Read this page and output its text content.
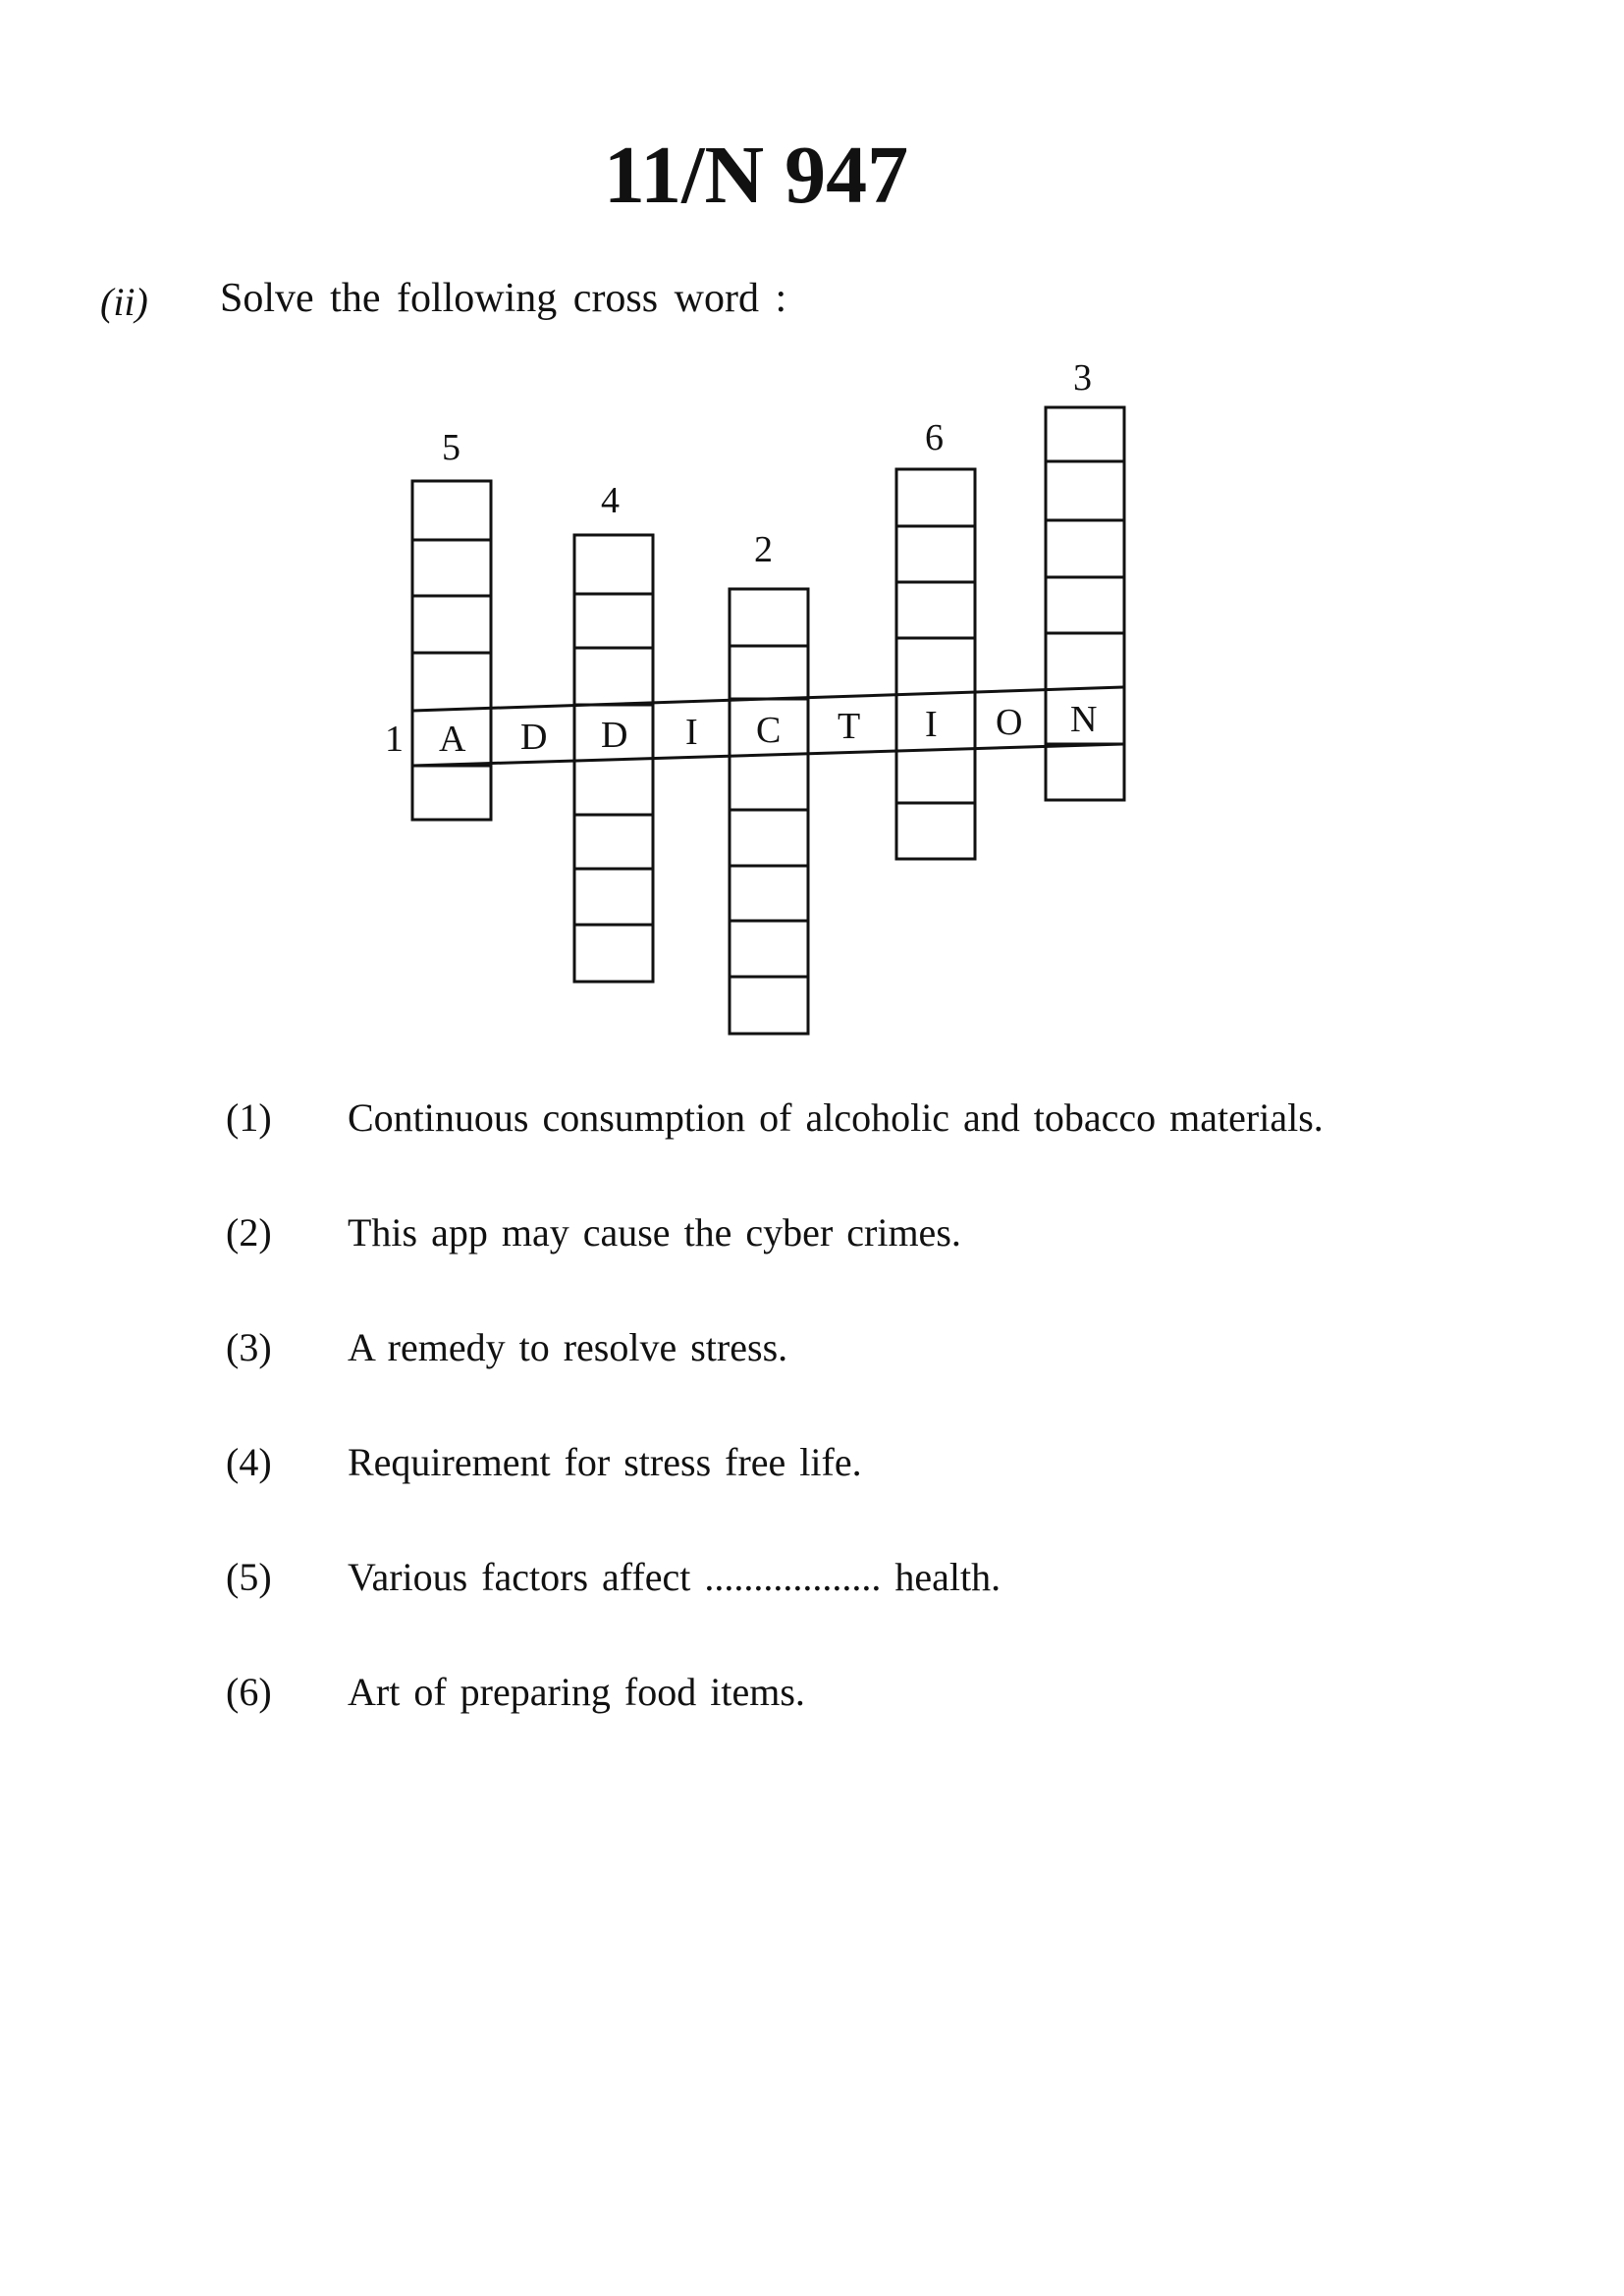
11/N 947
(ii) Solve the following cross word :
1
5
4
2
6
3
A D D I C T I O N
(1) Continuous consumption of alcoholic and tobacco materials.
(2) This app may cause the cyber crimes.
(3) A remedy to resolve stress.
(4) Requirement for stress free life.
(5) Various factors affect .................. health.
(6) Art of preparing food items.
